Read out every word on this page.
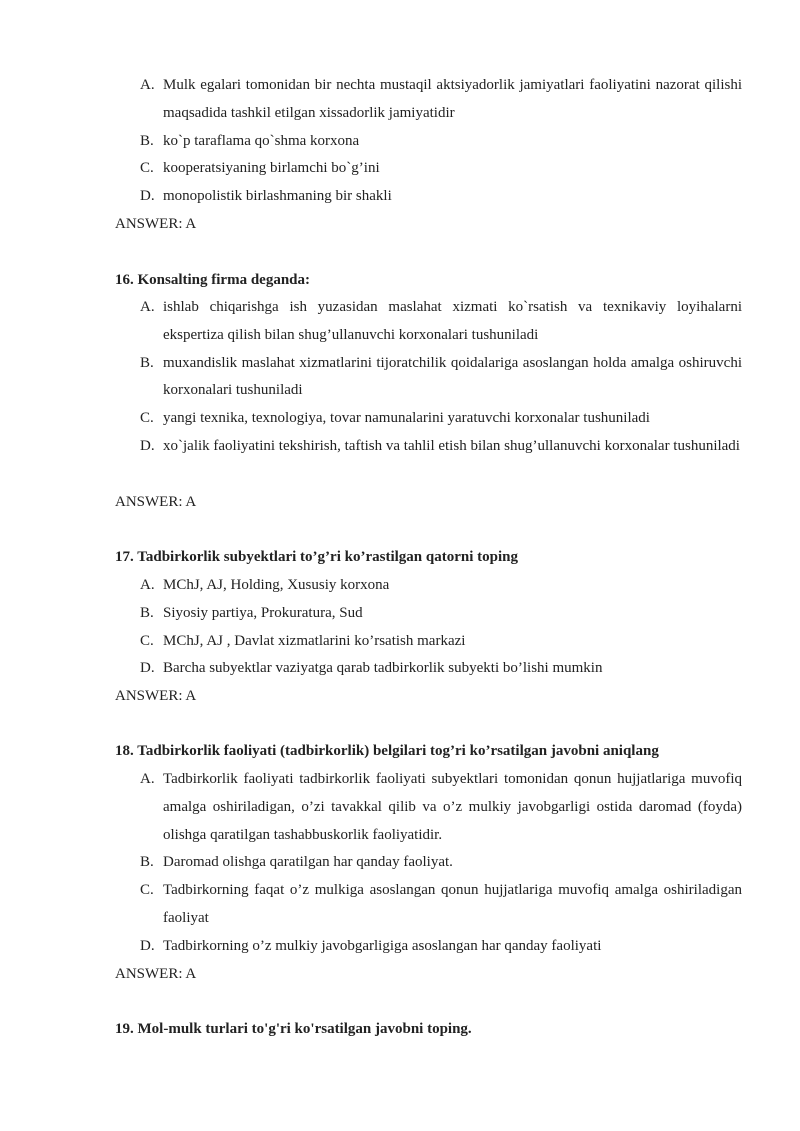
A. Mulk egalari tomonidan bir nechta mustaqil aktsiyadorlik jamiyatlari faoliyatini nazorat qilishi maqsadida tashkil etilgan xissadorlik jamiyatidir
B. ko`p taraflama qo`shma korxona
C. kooperatsiyaning birlamchi bo`g’ini
D. monopolistik birlashmaning bir shakli
ANSWER: A
16. Konsalting firma deganda:
A. ishlab chiqarishga ish yuzasidan maslahat xizmati ko`rsatish va texnikaviy loyihalarni ekspertiza qilish bilan shug’ullanuvchi korxonalari tushuniladi
B. muxandislik maslahat xizmatlarini tijoratchilik qoidalariga asoslangan holda amalga oshiruvchi korxonalari tushuniladi
C. yangi texnika, texnologiya, tovar namunalarini yaratuvchi korxonalar tushuniladi
D. xo`jalik faoliyatini tekshirish, taftish va tahlil etish bilan shug’ullanuvchi korxonalar tushuniladi
ANSWER: A
17. Tadbirkorlik subyektlari to’g’ri ko’rastilgan qatorni toping
A. MChJ, AJ, Holding, Xususiy korxona
B. Siyosiy partiya, Prokuratura, Sud
C. MChJ, AJ , Davlat xizmatlarini ko’rsatish markazi
D. Barcha subyektlar vaziyatga qarab tadbirkorlik subyekti bo’lishi mumkin
ANSWER: A
18. Tadbirkorlik faoliyati (tadbirkorlik) belgilari tog’ri ko’rsatilgan javobni aniqlang
A. Tadbirkorlik faoliyati tadbirkorlik faoliyati subyektlari tomonidan qonun hujjatlariga muvofiq amalga oshiriladigan, o’zi tavakkal qilib va o’z mulkiy javobgarligi ostida daromad (foyda) olishga qaratilgan tashabbuskorlik faoliyatidir.
B. Daromad olishga qaratilgan har qanday faoliyat.
C. Tadbirkorning faqat o’z mulkiga asoslangan qonun hujjatlariga muvofiq amalga oshiriladigan faoliyat
D. Tadbirkorning o’z mulkiy javobgarligiga asoslangan har qanday faoliyati
ANSWER: A
19. Mol-mulk turlari to'g'ri ko'rsatilgan javobni toping.
